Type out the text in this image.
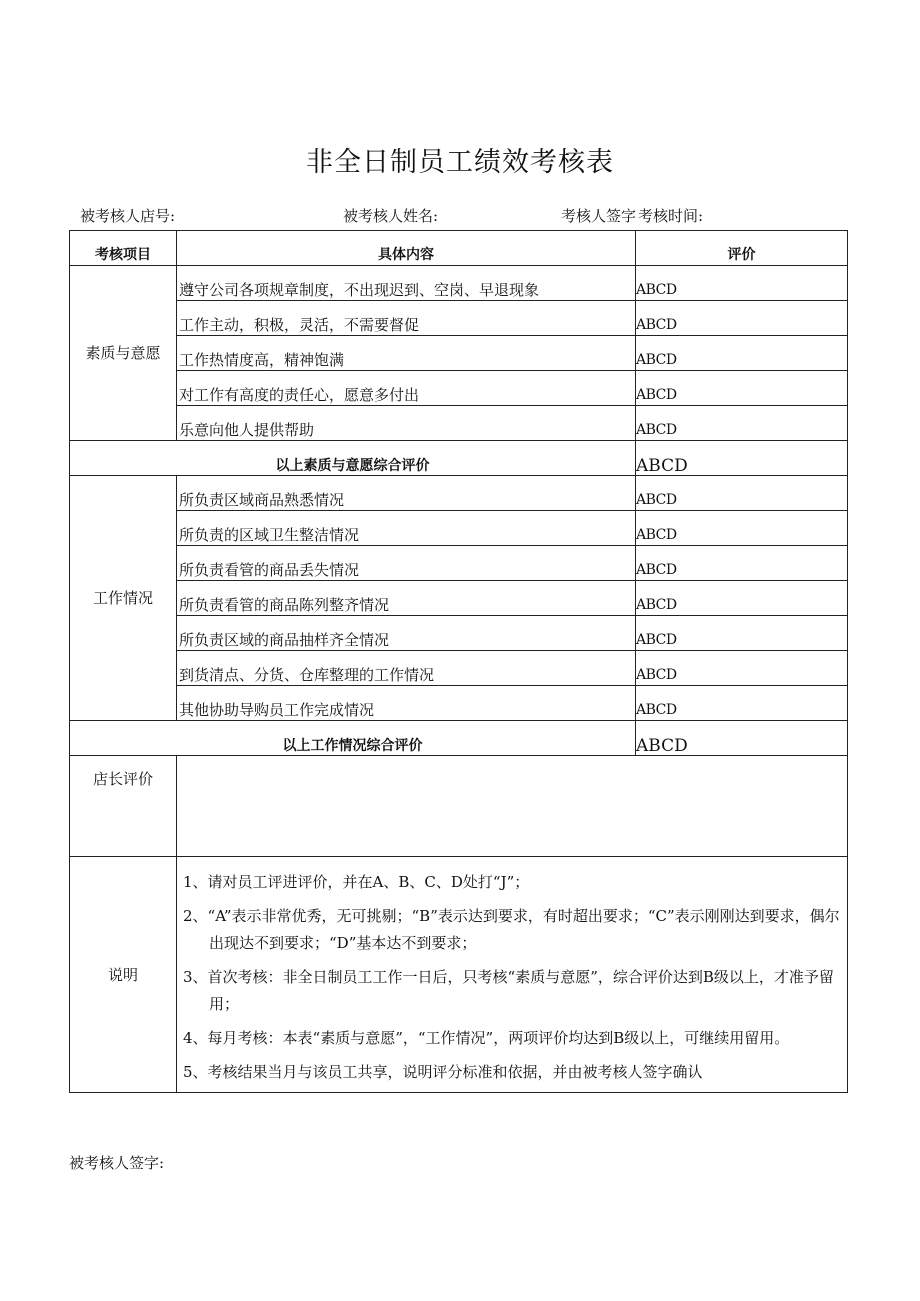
非全日制员工绩效考核表
被考核人店号:	被考核人姓名:	考核人签字 考核时间:
考核项目	具体内容	评价
素质与意愿	遵守公司各项规章制度，不出现迟到、空岗、早退现象	ABCD
	工作主动，积极，灵活，不需要督促	ABCD
	工作热情度高，精神饱满	ABCD
	对工作有高度的责任心，愿意多付出	ABCD
	乐意向他人提供帮助	ABCD
以上素质与意愿综合评价		ABCD
工作情况	所负责区域商品熟悉情况	ABCD
	所负责的区域卫生整洁情况	ABCD
	所负责看管的商品丢失情况	ABCD
	所负责看管的商品陈列整齐情况	ABCD
	所负责区域的商品抽样齐全情况	ABCD
	到货清点、分货、仓库整理的工作情况	ABCD
	其他协助导购员工作完成情况	ABCD
以上工作情况综合评价		ABCD
店长评价		
说明	1、请对员工评进评价，并在A、B、C、D处打“J”；
2、“A”表示非常优秀，无可挑剔；“B”表示达到要求，有时超出要求；“C”表示刚刚达到要求，偶尔出现达不到要求；“D”基本达不到要求；
3、首次考核：非全日制员工工作一日后，只考核“素质与意愿”，综合评价达到B级以上，才准予留用；
4、每月考核：本表“素质与意愿”，“工作情况”，两项评价均达到B级以上，可继续用留用。
5、考核结果当月与该员工共享，说明评分标准和依据，并由被考核人签字确认	
被考核人签字:
